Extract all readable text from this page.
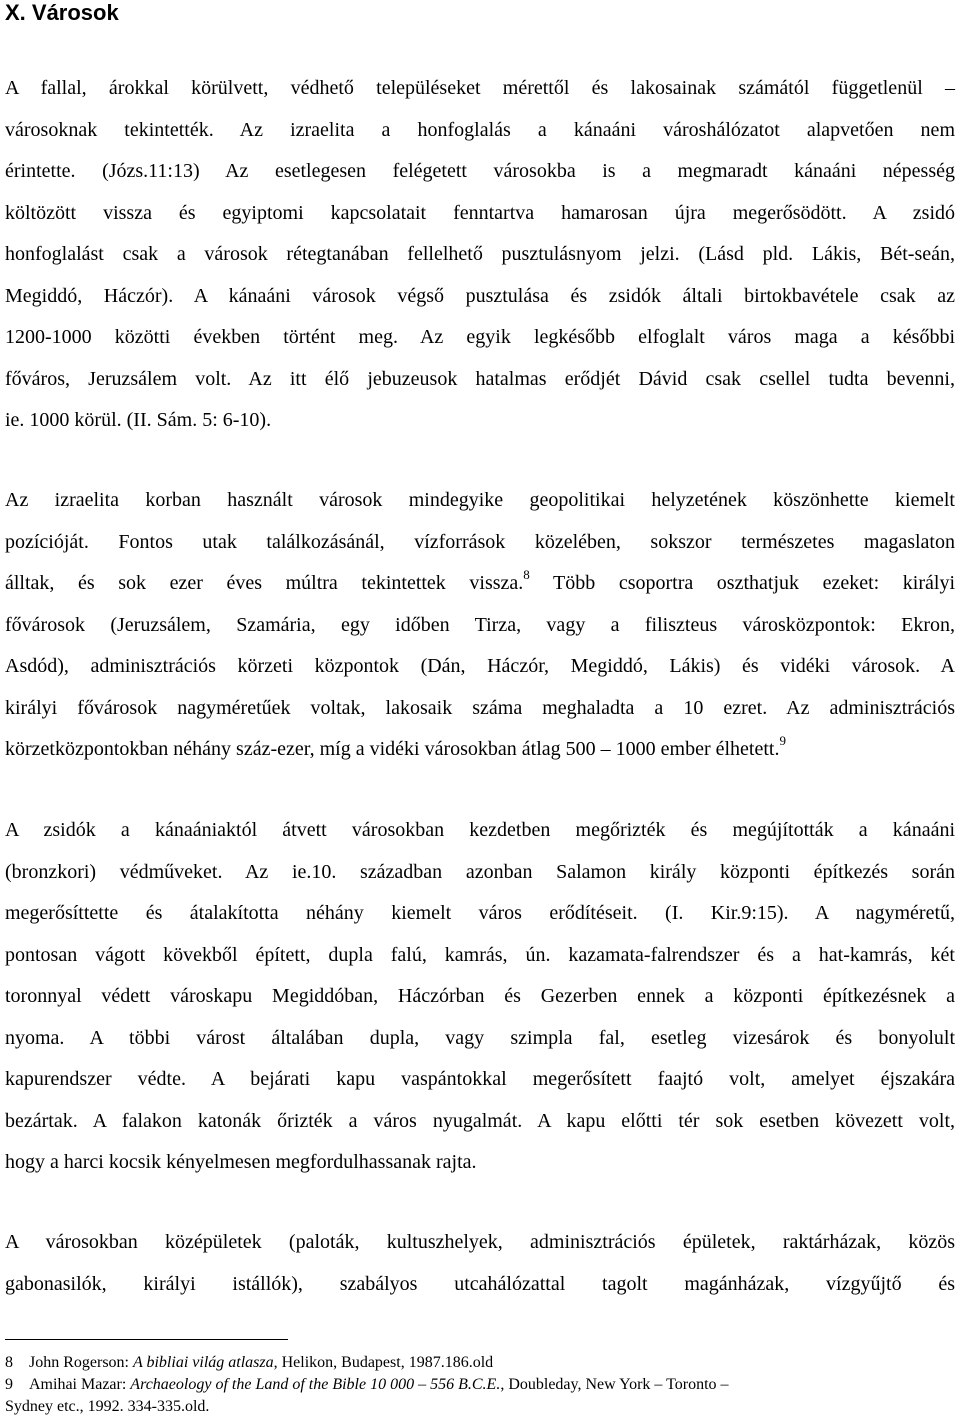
X. Városok
A fallal, árokkal körülvett, védhető településeket mérettől és lakosainak számától függetlenül –
városoknak tekintették. Az izraelita a honfoglalás a kánaáni városhálózatot alapvetően nem
érintette. (Józs.11:13) Az esetlegesen felégetett városokba is a megmaradt kánaáni népesség
költözött vissza és egyiptomi kapcsolatait fenntartva hamarosan újra megerősödött. A zsidó
honfoglalást csak a városok rétegtanában fellelhető pusztulásnyom jelzi. (Lásd pld. Lákis, Bét-seán,
Megiddó, Háczór). A kánaáni városok végső pusztulása és zsidók általi birtokbavétele csak az
1200-1000 közötti években történt meg. Az egyik legkésőbb elfoglalt város maga a későbbi
főváros, Jeruzsálem volt. Az itt élő jebuzeusok hatalmas erődjét Dávid csak csellel tudta bevenni,
ie. 1000 körül. (II. Sám. 5: 6-10).
Az izraelita korban használt városok mindegyike geopolitikai helyzetének köszönhette kiemelt
pozícióját. Fontos utak találkozásánál, vízforrások közelében, sokszor természetes magaslaton
álltak, és sok ezer éves múltra tekintettek vissza.$^8$ Több csoportra oszthatjuk ezeket: királyi
fővárosok (Jeruzsálem, Szamária, egy időben Tirza, vagy a filiszteus városközpontok: Ekron,
Asdód), adminisztrációs körzeti központok (Dán, Háczór, Megiddó, Lákis) és vidéki városok. A
királyi fővárosok nagyméretűek voltak, lakosaik száma meghaladta a 10 ezret. Az adminisztrációs
körzetközpontokban néhány száz-ezer, míg a vidéki városokban átlag 500 – 1000 ember élhetett.$^9$
A zsidók a kánaániaktól átvett városokban kezdetben megőrizték és megújították a kánaáni
(bronzkori) védműveket. Az ie.10. században azonban Salamon király központi építkezés során
megerősíttette és átalakította néhány kiemelt város erődítéseit. (I. Kir.9:15). A nagyméretű,
pontosan vágott kövekből épített, dupla falú, kamrás, ún. kazamata-falrendszer és a hat-kamrás, két
toronnyal védett városkapu Megiddóban, Háczórban és Gezerben ennek a központi építkezésnek a
nyoma. A többi várost általában dupla, vagy szimpla fal, esetleg vizesárok és bonyolult
kapurendszer védte. A bejárati kapu vaspántokkal megerősített faajtó volt, amelyet éjszakára
bezártak. A falakon katonák őrizték a város nyugalmát. A kapu előtti tér sok esetben kövezett volt,
hogy a harci kocsik kényelmesen megfordulhassanak rajta.
A városokban középületek (paloták, kultuszhelyek, adminisztrációs épületek, raktárházak, közös
gabonasilók, királyi istállók), szabályos utcahálózattal tagolt magánházak, vízgyűjtő és
8 John Rogerson: A bibliai világ atlasza, Helikon, Budapest, 1987.186.old
9 Amihai Mazar: Archaeology of the Land of the Bible 10 000 – 556 B.C.E., Doubleday, New York – Toronto –
Sydney etc., 1992. 334-335.old.
